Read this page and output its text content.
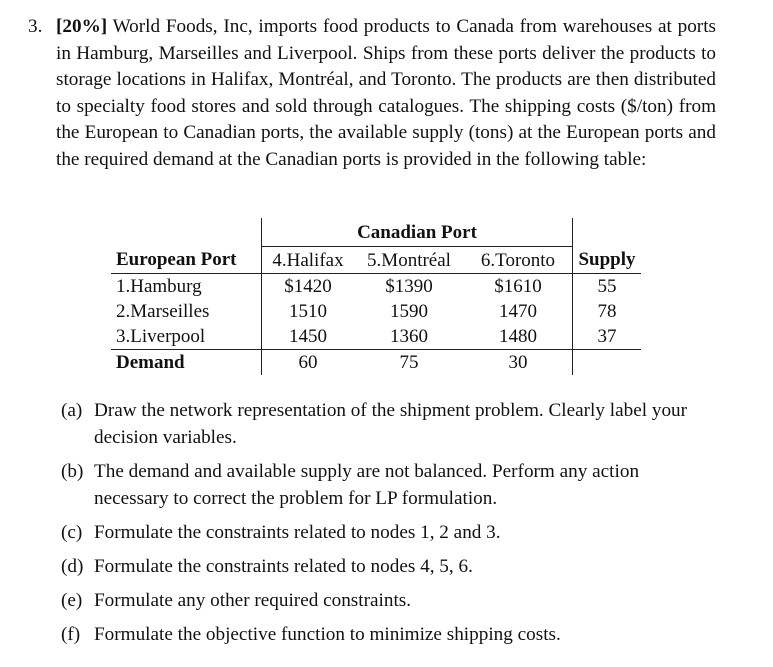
3. [20%] World Foods, Inc, imports food products to Canada from warehouses at ports in Hamburg, Marseilles and Liverpool. Ships from these ports deliver the products to storage locations in Halifax, Montréal, and Toronto. The products are then distributed to specialty food stores and sold through catalogues. The shipping costs ($/ton) from the European to Canadian ports, the available supply (tons) at the European ports and the required demand at the Canadian ports is provided in the following table:
	Canadian Port			
European Port	4.Halifax	5.Montréal	6.Toronto	Supply
1.Hamburg	$1420	$1390	$1610	55
2.Marseilles	1510	1590	1470	78
3.Liverpool	1450	1360	1480	37
Demand	60	75	30	
(a) Draw the network representation of the shipment problem. Clearly label your decision variables.
(b) The demand and available supply are not balanced. Perform any action necessary to correct the problem for LP formulation.
(c) Formulate the constraints related to nodes 1, 2 and 3.
(d) Formulate the constraints related to nodes 4, 5, 6.
(e) Formulate any other required constraints.
(f) Formulate the objective function to minimize shipping costs.
